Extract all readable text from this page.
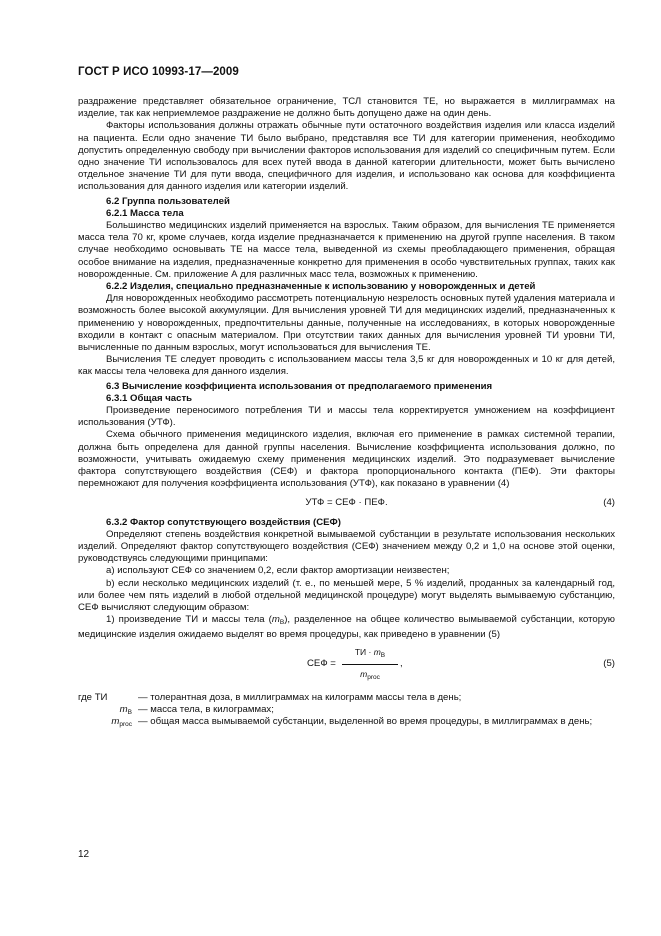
ГОСТ Р ИСО 10993-17—2009

раздражение представляет обязательное ограничение, ТСЛ становится ТЕ, но выражается в миллиграммах на изделие, так как неприемлемое раздражение не должно быть допущено даже на один день.

Факторы использования должны отражать обычные пути остаточного воздействия изделия или класса изделий на пациента. Если одно значение ТИ было выбрано, представляя все ТИ для категории применения, необходимо допустить определенную свободу при вычислении факторов использования для изделий со специфичным путем. Если одно значение ТИ использовалось для всех путей ввода в данной категории длительности, может быть вычислено отдельное значение ТИ для пути ввода, специфичного для изделия, и использовано как основа для коэффициента использования для данного изделия или категории изделий.

6.2 Группа пользователей
6.2.1 Масса тела

Большинство медицинских изделий применяется на взрослых. Таким образом, для вычисления ТЕ применяется масса тела 70 кг, кроме случаев, когда изделие предназначается к применению на другой группе населения. В таком случае необходимо основывать ТЕ на массе тела, выведенной из схемы преобладающего применения, обращая особое внимание на изделия, предназначенные конкретно для применения в особо чувствительных группах, таких как новорожденные. См. приложение А для различных масс тела, возможных к применению.

6.2.2 Изделия, специально предназначенные к использованию у новорожденных и детей

Для новорожденных необходимо рассмотреть потенциальную незрелость основных путей удаления материала и возможность более высокой аккумуляции. Для вычисления уровней ТИ для медицинских изделий, предназначенных к применению у новорожденных, предпочтительны данные, полученные на исследованиях, в которых новорожденные входили в контакт с опасным материалом. При отсутствии таких данных для вычисления уровней ТИ уровни ТИ, вычисленные по данным взрослых, могут использоваться для вычисления ТЕ.

Вычисления ТЕ следует проводить с использованием массы тела 3,5 кг для новорожденных и 10 кг для детей, как массы тела человека для данного изделия.

6.3 Вычисление коэффициента использования от предполагаемого применения
6.3.1 Общая часть

Произведение переносимого потребления ТИ и массы тела корректируется умножением на коэффициент использования (УТФ).

Схема обычного применения медицинского изделия, включая его применение в рамках системной терапии, должна быть определена для данной группы населения. Вычисление коэффициента использования должно, по возможности, учитывать ожидаемую схему применения медицинских изделий. Это подразумевает вычисление фактора сопутствующего воздействия (СЕФ) и фактора пропорционального контакта (ПЕФ). Эти факторы перемножают для получения коэффициента использования (УТФ), как показано в уравнении (4)

УТФ = СЕФ · ПЕФ.	(4)
6.3.2 Фактор сопутствующего воздействия (СЕФ)

Определяют степень воздействия конкретной вымываемой субстанции в результате использования нескольких изделий. Определяют фактор сопутствующего воздействия (СЕФ) значением между 0,2 и 1,0 на основе этой оценки, руководствуясь следующими принципами:

a) используют СЕФ со значением 0,2, если фактор амортизации неизвестен;

b) если несколько медицинских изделий (т. е., по меньшей мере, 5 % изделий, проданных за календарный год, или более чем пять изделий в любой отдельной медицинской процедуре) могут выделять вымываемую субстанцию, СЕФ вычисляют следующим образом:

1) произведение ТИ и массы тела $(m_B)$, разделенное на общее количество вымываемой субстанции, которую медицинские изделия ожидаемо выделят во время процедуры, как приведено в уравнении (5)

СЕФ =
ТИ · $m_B$
$m_{proc}$
,	(5)
где ТИ	— толерантная доза, в миллиграммах на килограмм массы тела в день;
$m_B$ — масса тела, в килограммах;
$m_{proc}$ — общая масса вымываемой субстанции, выделенной во время процедуры, в миллиграммах в день;
12
